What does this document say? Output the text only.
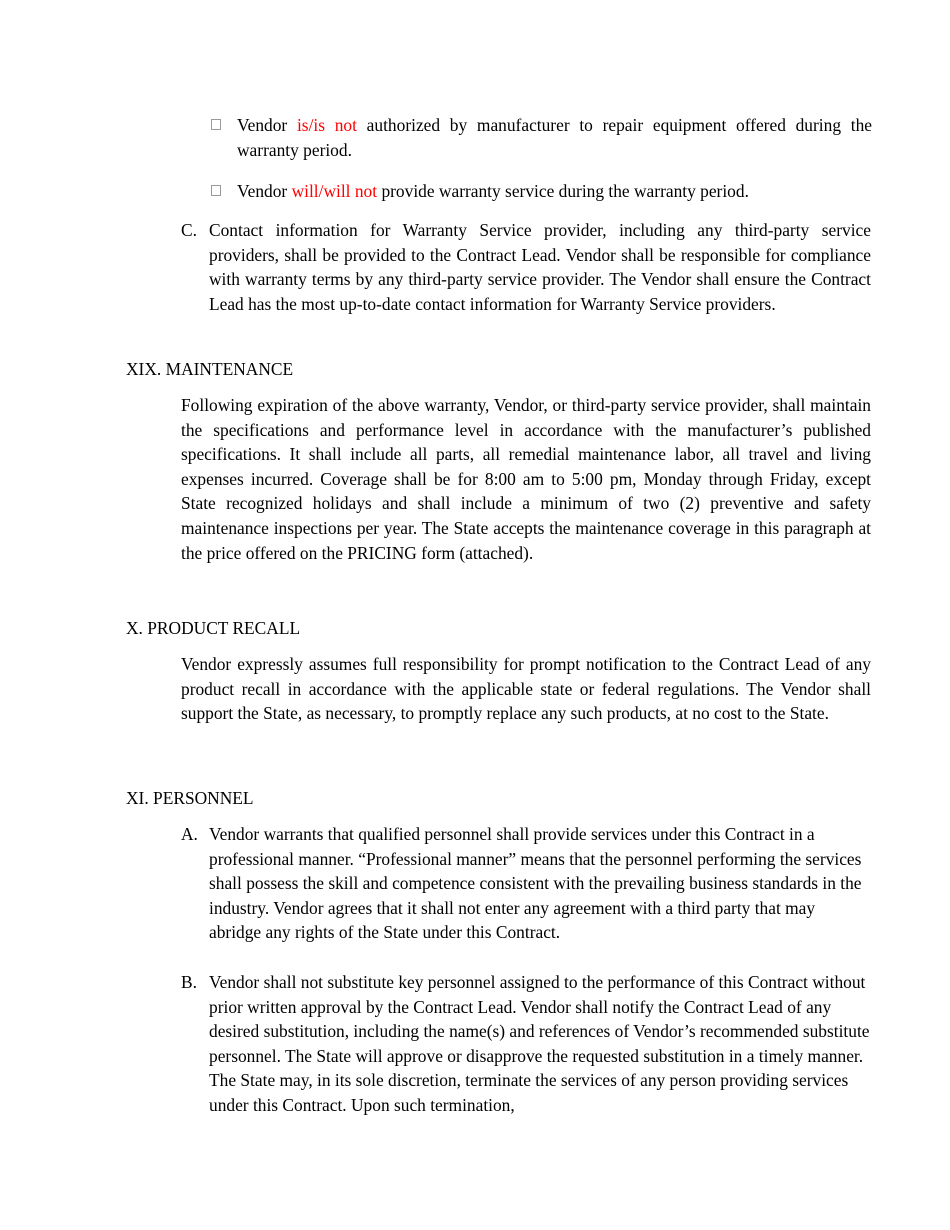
Vendor is/is not authorized by manufacturer to repair equipment offered during the warranty period.
Vendor will/will not provide warranty service during the warranty period.
C. Contact information for Warranty Service provider, including any third-party service providers, shall be provided to the Contract Lead. Vendor shall be responsible for compliance with warranty terms by any third-party service provider. The Vendor shall ensure the Contract Lead has the most up-to-date contact information for Warranty Service providers.
XIX. MAINTENANCE
Following expiration of the above warranty, Vendor, or third-party service provider, shall maintain the specifications and performance level in accordance with the manufacturer’s published specifications. It shall include all parts, all remedial maintenance labor, all travel and living expenses incurred. Coverage shall be for 8:00 am to 5:00 pm, Monday through Friday, except State recognized holidays and shall include a minimum of two (2) preventive and safety maintenance inspections per year. The State accepts the maintenance coverage in this paragraph at the price offered on the PRICING form (attached).
X. PRODUCT RECALL
Vendor expressly assumes full responsibility for prompt notification to the Contract Lead of any product recall in accordance with the applicable state or federal regulations. The Vendor shall support the State, as necessary, to promptly replace any such products, at no cost to the State.
XI. PERSONNEL
A. Vendor warrants that qualified personnel shall provide services under this Contract in a professional manner. “Professional manner” means that the personnel performing the services shall possess the skill and competence consistent with the prevailing business standards in the industry. Vendor agrees that it shall not enter any agreement with a third party that may abridge any rights of the State under this Contract.
B. Vendor shall not substitute key personnel assigned to the performance of this Contract without prior written approval by the Contract Lead. Vendor shall notify the Contract Lead of any desired substitution, including the name(s) and references of Vendor’s recommended substitute personnel. The State will approve or disapprove the requested substitution in a timely manner. The State may, in its sole discretion, terminate the services of any person providing services under this Contract. Upon such termination,
